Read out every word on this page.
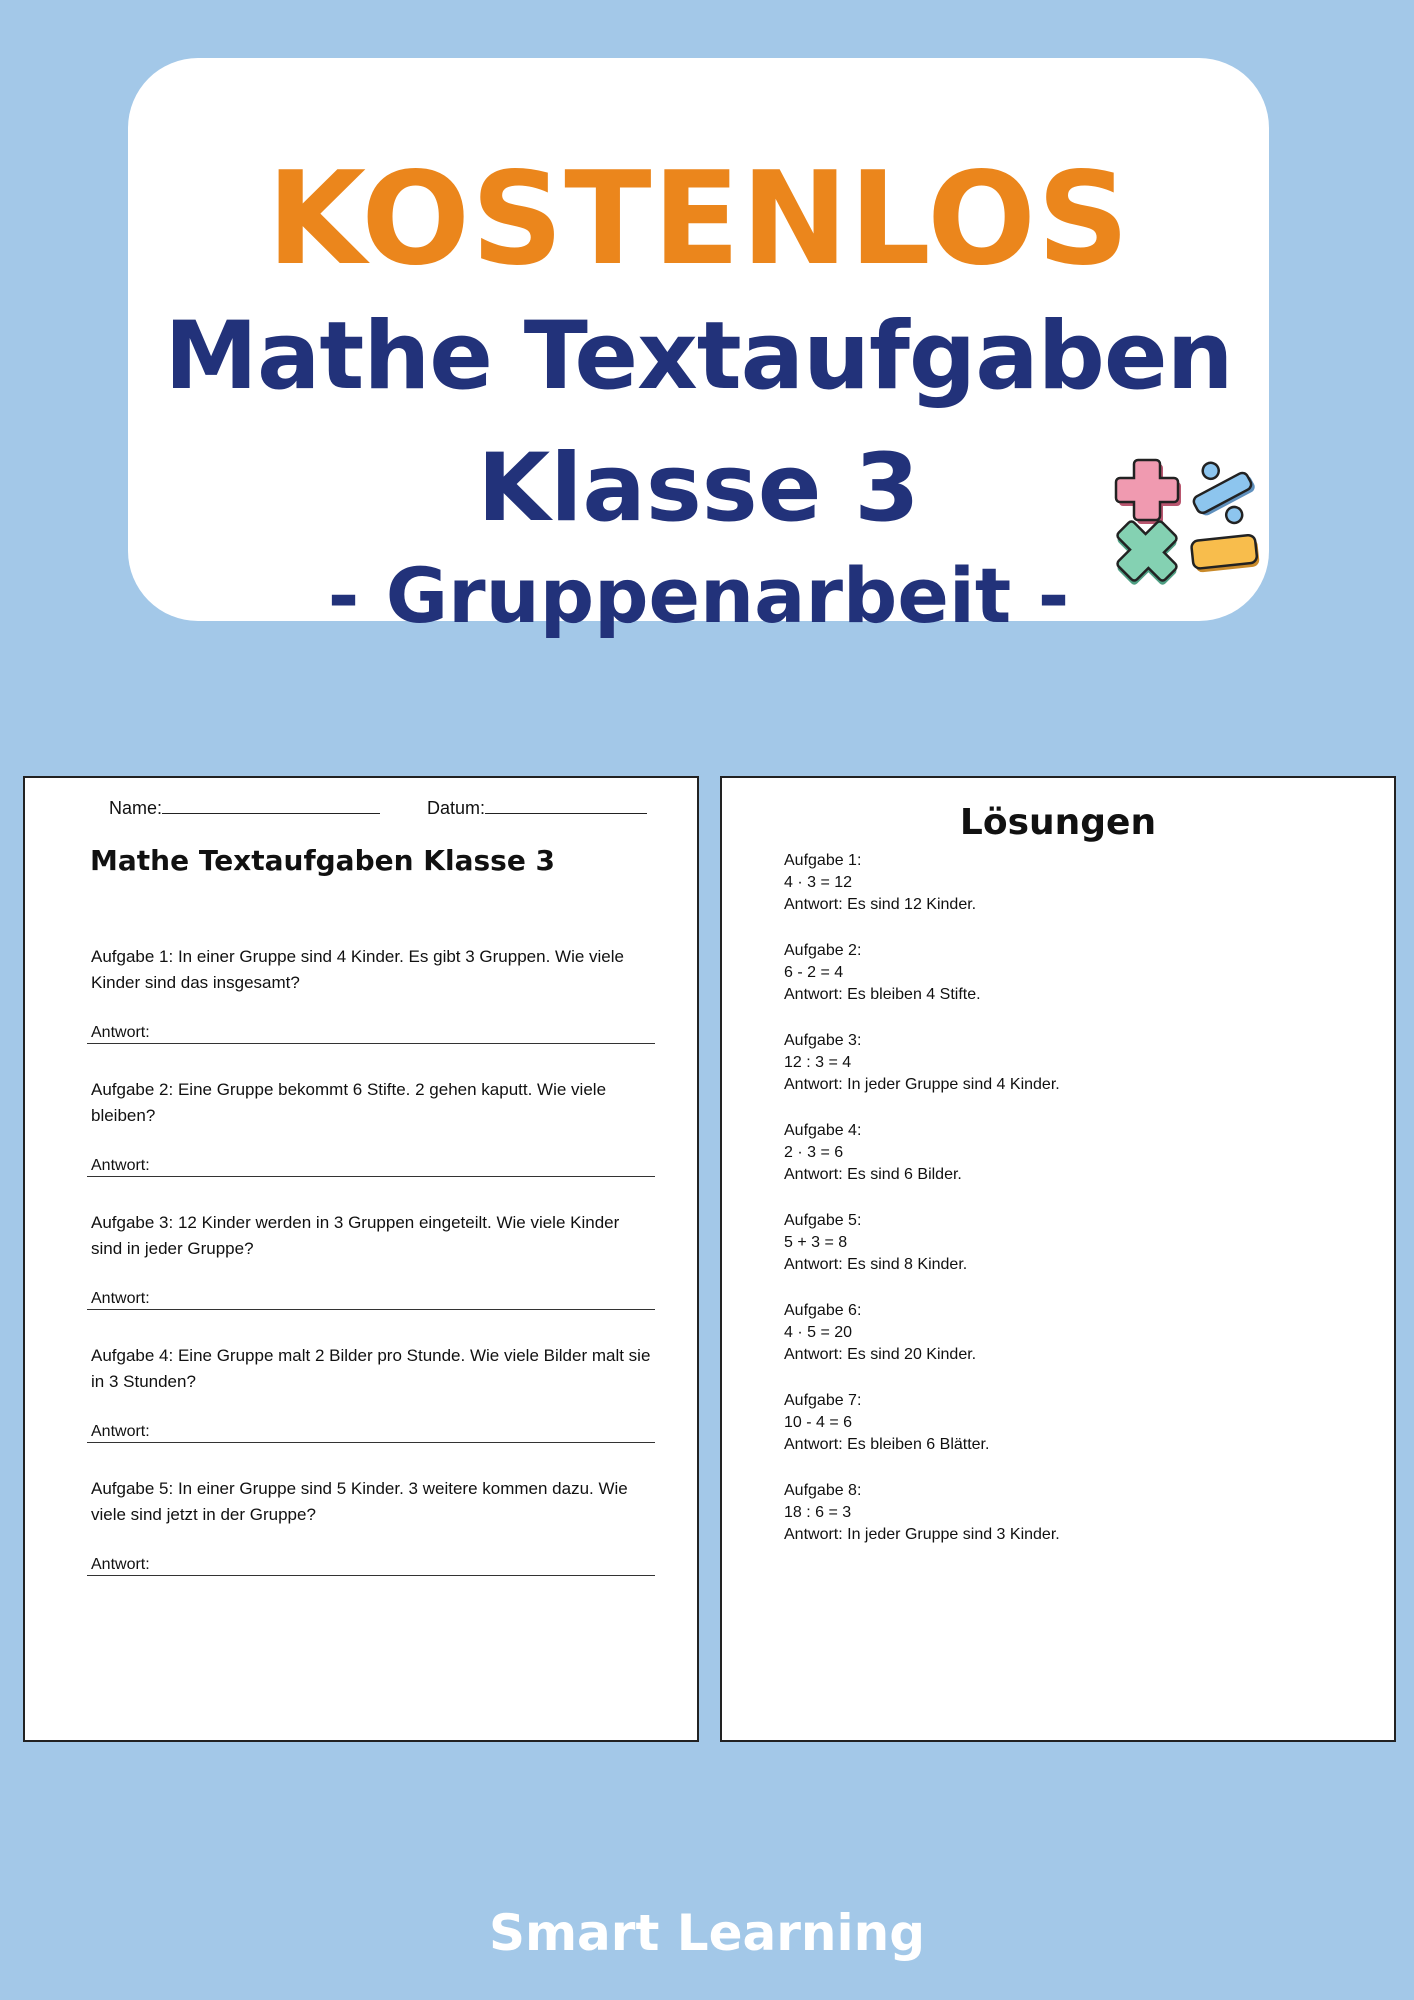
KOSTENLOS
Mathe Textaufgaben
Klasse 3
- Gruppenarbeit -
Name:	Datum:
Mathe Textaufgaben Klasse 3
Aufgabe 1: In einer Gruppe sind 4 Kinder. Es gibt 3 Gruppen. Wie viele Kinder sind das insgesamt?
Antwort:
Aufgabe 2: Eine Gruppe bekommt 6 Stifte. 2 gehen kaputt. Wie viele bleiben?
Antwort:
Aufgabe 3: 12 Kinder werden in 3 Gruppen eingeteilt. Wie viele Kinder sind in jeder Gruppe?
Antwort:
Aufgabe 4: Eine Gruppe malt 2 Bilder pro Stunde. Wie viele Bilder malt sie in 3 Stunden?
Antwort:
Aufgabe 5: In einer Gruppe sind 5 Kinder. 3 weitere kommen dazu. Wie viele sind jetzt in der Gruppe?
Antwort:
Lösungen
Aufgabe 1:
4 · 3 = 12
Antwort: Es sind 12 Kinder.
Aufgabe 2:
6 - 2 = 4
Antwort: Es bleiben 4 Stifte.
Aufgabe 3:
12 : 3 = 4
Antwort: In jeder Gruppe sind 4 Kinder.
Aufgabe 4:
2 · 3 = 6
Antwort: Es sind 6 Bilder.
Aufgabe 5:
5 + 3 = 8
Antwort: Es sind 8 Kinder.
Aufgabe 6:
4 · 5 = 20
Antwort: Es sind 20 Kinder.
Aufgabe 7:
10 - 4 = 6
Antwort: Es bleiben 6 Blätter.
Aufgabe 8:
18 : 6 = 3
Antwort: In jeder Gruppe sind 3 Kinder.
Smart Learning
